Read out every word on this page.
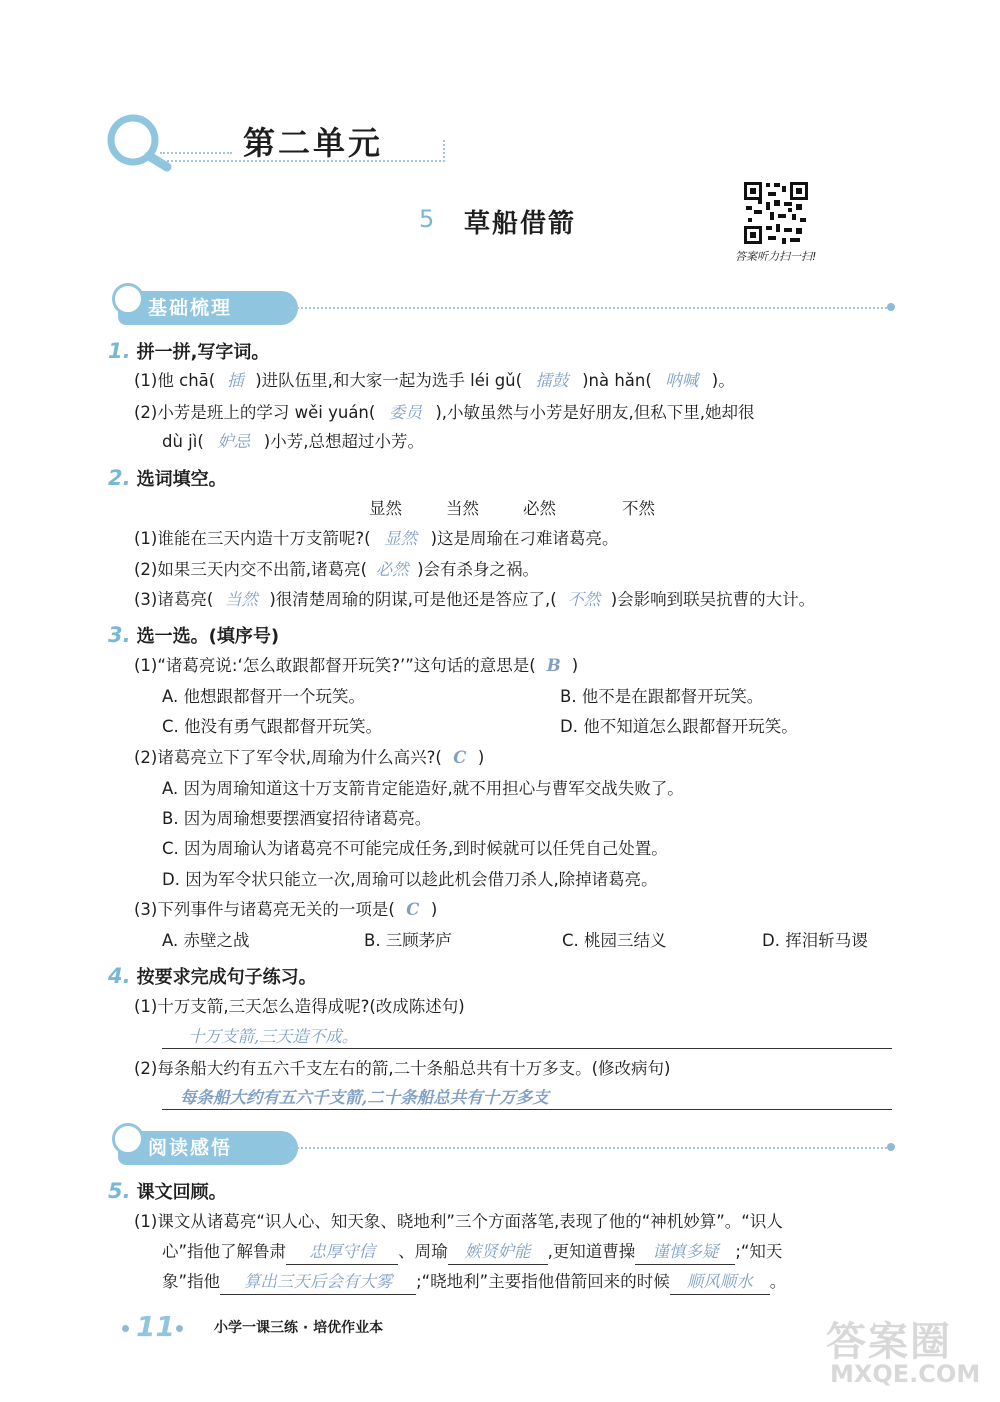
第二单元
5 草船借箭
答案听力扫一扫!
基础梳理
1. 拼一拼,写字词。
(1)他 chā( 插 )进队伍里,和大家一起为选手 léi gǔ( 擂鼓 )nà hǎn( 呐喊 )。
(2)小芳是班上的学习 wěi yuán( 委员 ),小敏虽然与小芳是好朋友,但私下里,她却很
dù jì( 妒忌 )小芳,总想超过小芳。
2. 选词填空。
显然	当然	必然	不然
(1)谁能在三天内造十万支箭呢?( 显然 )这是周瑜在刁难诸葛亮。
(2)如果三天内交不出箭,诸葛亮( 必然 )会有杀身之祸。
(3)诸葛亮( 当然 )很清楚周瑜的阴谋,可是他还是答应了,( 不然 )会影响到联吴抗曹的大计。
3. 选一选。(填序号)
(1)“诸葛亮说:‘怎么敢跟都督开玩笑?’”这句话的意思是( B )
A. 他想跟都督开一个玩笑。	B. 他不是在跟都督开玩笑。
C. 他没有勇气跟都督开玩笑。	D. 他不知道怎么跟都督开玩笑。
(2)诸葛亮立下了军令状,周瑜为什么高兴?( C )
A. 因为周瑜知道这十万支箭肯定能造好,就不用担心与曹军交战失败了。
B. 因为周瑜想要摆酒宴招待诸葛亮。
C. 因为周瑜认为诸葛亮不可能完成任务,到时候就可以任凭自己处置。
D. 因为军令状只能立一次,周瑜可以趁此机会借刀杀人,除掉诸葛亮。
(3)下列事件与诸葛亮无关的一项是( C )
A. 赤壁之战	B. 三顾茅庐	C. 桃园三结义	D. 挥泪斩马谡
4. 按要求完成句子练习。
(1)十万支箭,三天怎么造得成呢?(改成陈述句)
十万支箭,三天造不成。
(2)每条船大约有五六千支左右的箭,二十条船总共有十万多支。(修改病句)
每条船大约有五六千支箭,二十条船总共有十万多支
阅读感悟
5. 课文回顾。
(1)课文从诸葛亮“识人心、知天象、晓地利”三个方面落笔,表现了他的“神机妙算”。“识人
心”指他了解鲁肃 忠厚守信 、周瑜 嫉贤妒能 ,更知道曹操 谨慎多疑 ;“知天
象”指他 算出三天后会有大雾 ;“晓地利”主要指他借箭回来的时候 顺风顺水 。
11	小学一课三练 · 培优作业本	答案圈
MXQE.COM
